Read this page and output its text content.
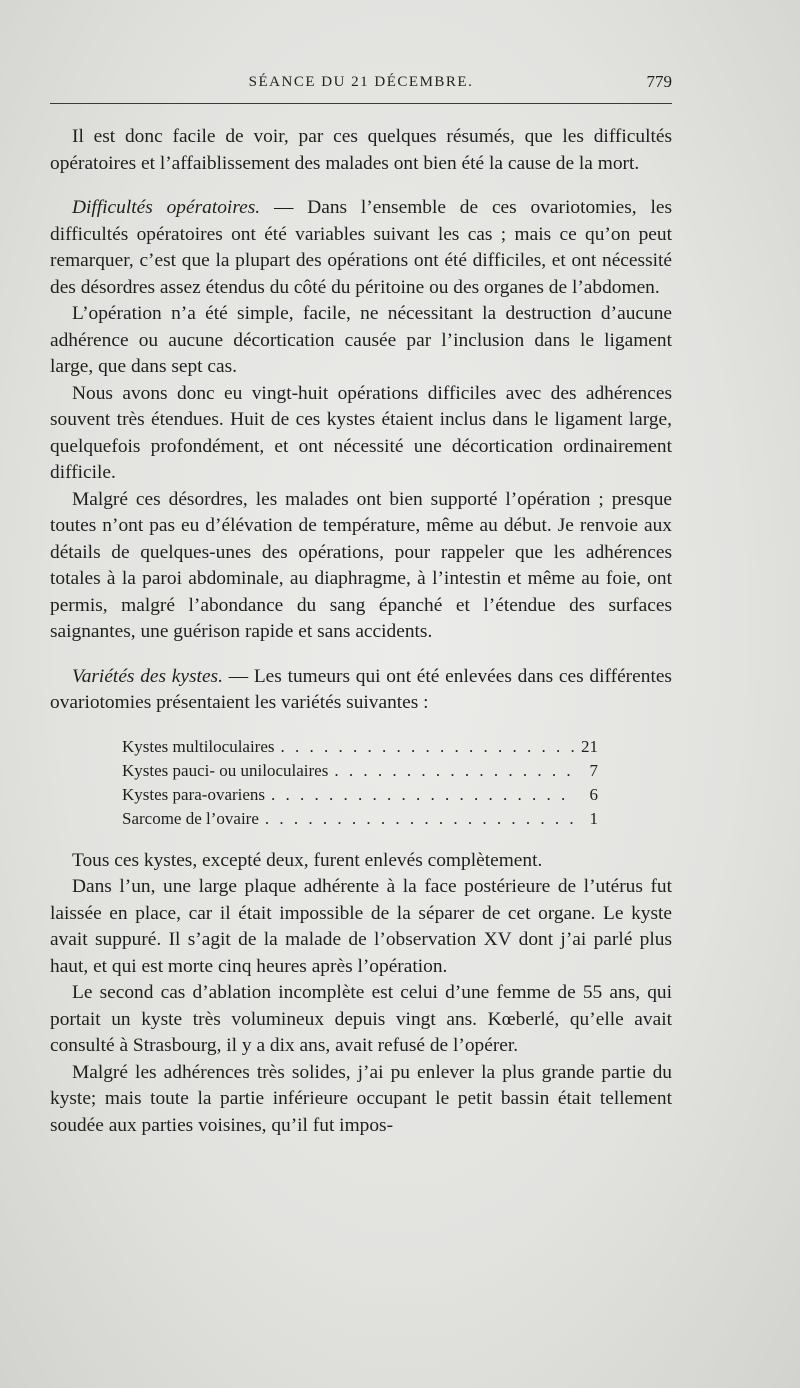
SÉANCE DU 21 DÉCEMBRE.	779

Il est donc facile de voir, par ces quelques résumés, que les difficultés opératoires et l’affaiblissement des malades ont bien été la cause de la mort.

Difficultés opératoires. — Dans l’ensemble de ces ovariotomies, les difficultés opératoires ont été variables suivant les cas ; mais ce qu’on peut remarquer, c’est que la plupart des opérations ont été difficiles, et ont nécessité des désordres assez étendus du côté du péritoine ou des organes de l’abdomen.

L’opération n’a été simple, facile, ne nécessitant la destruction d’aucune adhérence ou aucune décortication causée par l’inclusion dans le ligament large, que dans sept cas.

Nous avons donc eu vingt-huit opérations difficiles avec des adhérences souvent très étendues. Huit de ces kystes étaient inclus dans le ligament large, quelquefois profondément, et ont nécessité une décortication ordinairement difficile.

Malgré ces désordres, les malades ont bien supporté l’opération ; presque toutes n’ont pas eu d’élévation de température, même au début. Je renvoie aux détails de quelques-unes des opérations, pour rappeler que les adhérences totales à la paroi abdominale, au diaphragme, à l’intestin et même au foie, ont permis, malgré l’abondance du sang épanché et l’étendue des surfaces saignantes, une guérison rapide et sans accidents.

Variétés des kystes. — Les tumeurs qui ont été enlevées dans ces différentes ovariotomies présentaient les variétés suivantes :

Kystes multiloculaires . . .	21
Kystes pauci- ou uniloculaires . . .	7
Kystes para-ovariens . . .	6
Sarcome de l’ovaire . . .	1

Tous ces kystes, excepté deux, furent enlevés complètement.

Dans l’un, une large plaque adhérente à la face postérieure de l’utérus fut laissée en place, car il était impossible de la séparer de cet organe. Le kyste avait suppuré. Il s’agit de la malade de l’observation XV dont j’ai parlé plus haut, et qui est morte cinq heures après l’opération.

Le second cas d’ablation incomplète est celui d’une femme de 55 ans, qui portait un kyste très volumineux depuis vingt ans. Kœberlé, qu’elle avait consulté à Strasbourg, il y a dix ans, avait refusé de l’opérer.

Malgré les adhérences très solides, j’ai pu enlever la plus grande partie du kyste; mais toute la partie inférieure occupant le petit bassin était tellement soudée aux parties voisines, qu’il fut impos-
